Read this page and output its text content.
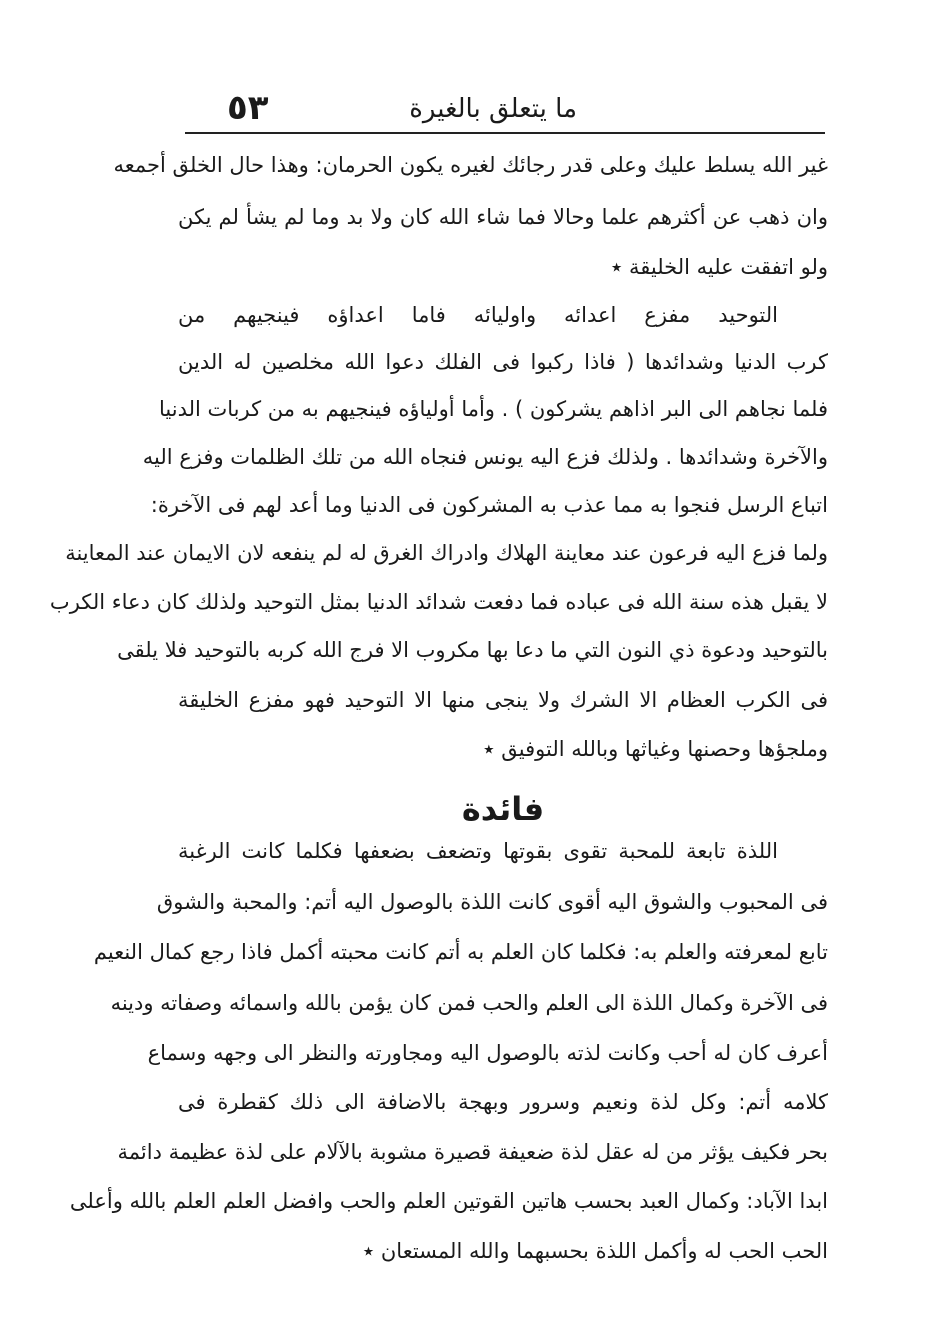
ما يتعلق بالغيرة
٥٣
غير الله يسلط عليك وعلى قدر رجائك لغيره يكون الحرمان: وهذا حال الخلق أجمعه
وان ذهب عن أكثرهم علما وحالا فما شاء الله كان ولا بد وما لم يشأ لم يكن
ولو اتفقت عليه الخليقة ٭
التوحيد مفزع اعدائه واوليائه فاما اعداؤه فينجيهم من
كرب الدنيا وشدائدها ( فاذا ركبوا فى الفلك دعوا الله مخلصين له الدين
فلما نجاهم الى البر اذاهم يشركون ) . وأما أولياؤه فينجيهم به من كربات الدنيا
والآخرة وشدائدها . ولذلك فزع اليه يونس فنجاه الله من تلك الظلمات وفزع اليه
اتباع الرسل فنجوا به مما عذب به المشركون فى الدنيا وما أعد لهم فى الآخرة:
ولما فزع اليه فرعون عند معاينة الهلاك وادراك الغرق له لم ينفعه لان الايمان عند المعاينة
لا يقبل هذه سنة الله فى عباده فما دفعت شدائد الدنيا بمثل التوحيد ولذلك كان دعاء الكرب
بالتوحيد ودعوة ذي النون التي ما دعا بها مكروب الا فرج الله كربه بالتوحيد فلا يلقى
فى الكرب العظام الا الشرك ولا ينجى منها الا التوحيد فهو مفزع الخليقة
وملجؤها وحصنها وغياثها وبالله التوفيق ٭
فائدة
اللذة تابعة للمحبة تقوى بقوتها وتضعف بضعفها فكلما كانت الرغبة
فى المحبوب والشوق اليه أقوى كانت اللذة بالوصول اليه أتم: والمحبة والشوق
تابع لمعرفته والعلم به: فكلما كان العلم به أتم كانت محبته أكمل فاذا رجع كمال النعيم
فى الآخرة وكمال اللذة الى العلم والحب فمن كان يؤمن بالله واسمائه وصفاته ودينه
أعرف كان له أحب وكانت لذته بالوصول اليه ومجاورته والنظر الى وجهه وسماع
كلامه أتم: وكل لذة ونعيم وسرور وبهجة بالاضافة الى ذلك كقطرة فى
بحر فكيف يؤثر من له عقل لذة ضعيفة قصيرة مشوبة بالآلام على لذة عظيمة دائمة
ابدا الآباد: وكمال العبد بحسب هاتين القوتين العلم والحب وافضل العلم العلم بالله وأعلى
الحب الحب له وأكمل اللذة بحسبهما والله المستعان ٭
